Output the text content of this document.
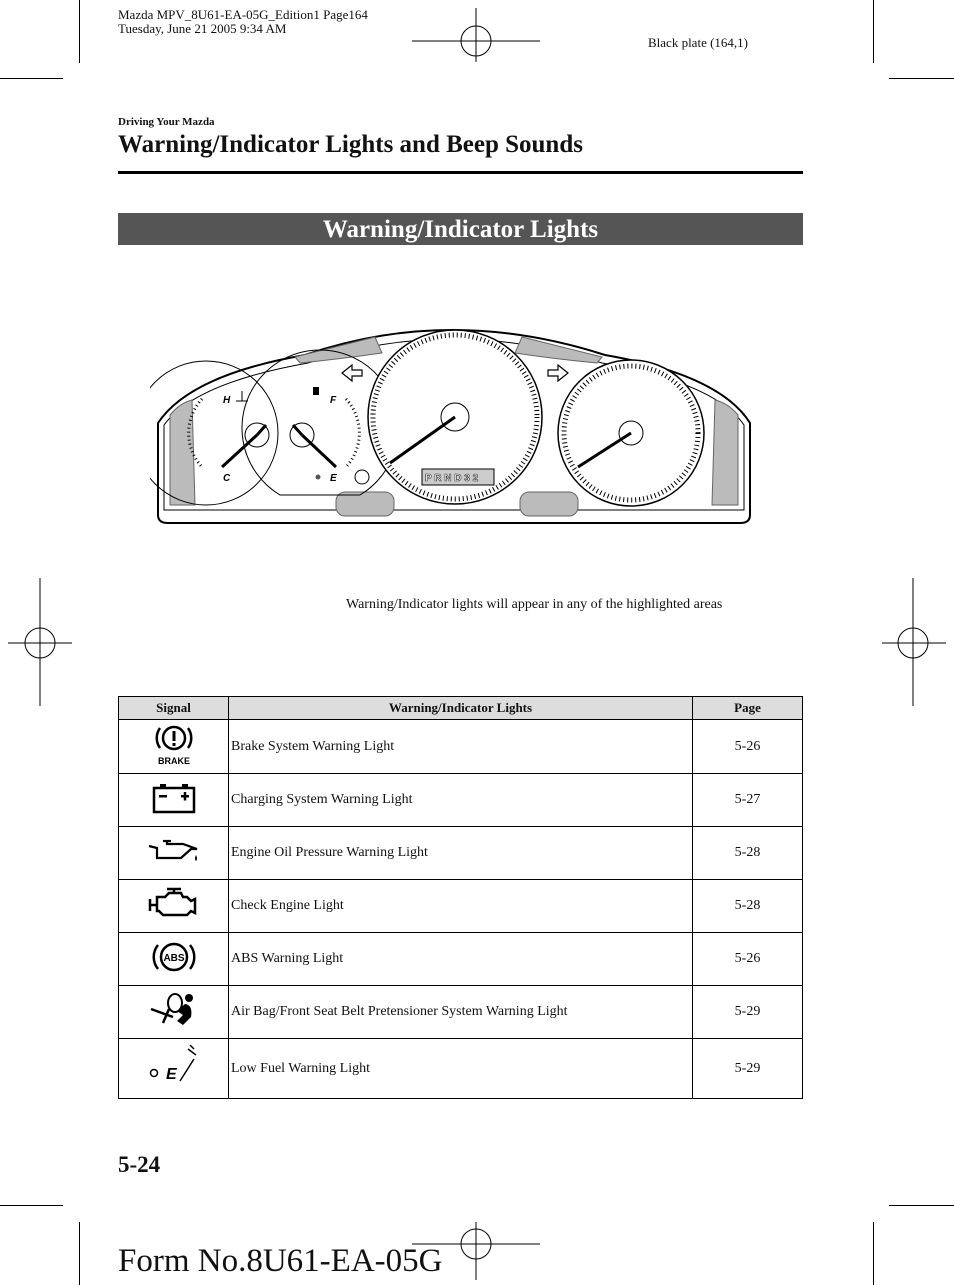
Mazda MPV_8U61-EA-05G_Edition1 Page164
Tuesday, June 21 2005 9:34 AM
Black plate (164,1)
Driving Your Mazda
Warning/Indicator Lights and Beep Sounds
Warning/Indicator Lights
H
C
F
E	P R N D 3 2
Warning/Indicator lights will appear in any of the highlighted areas
Signal	Warning/Indicator Lights	Page

BRAKE	Brake System Warning Light	5-26
	Charging System Warning Light	5-27
	Engine Oil Pressure Warning Light	5-28
	Check Engine Light	5-28

ABS	ABS Warning Light	5-26
	Air Bag/Front Seat Belt Pretensioner System Warning Light	5-29

E	Low Fuel Warning Light	5-29
5-24
Form No.8U61-EA-05G
